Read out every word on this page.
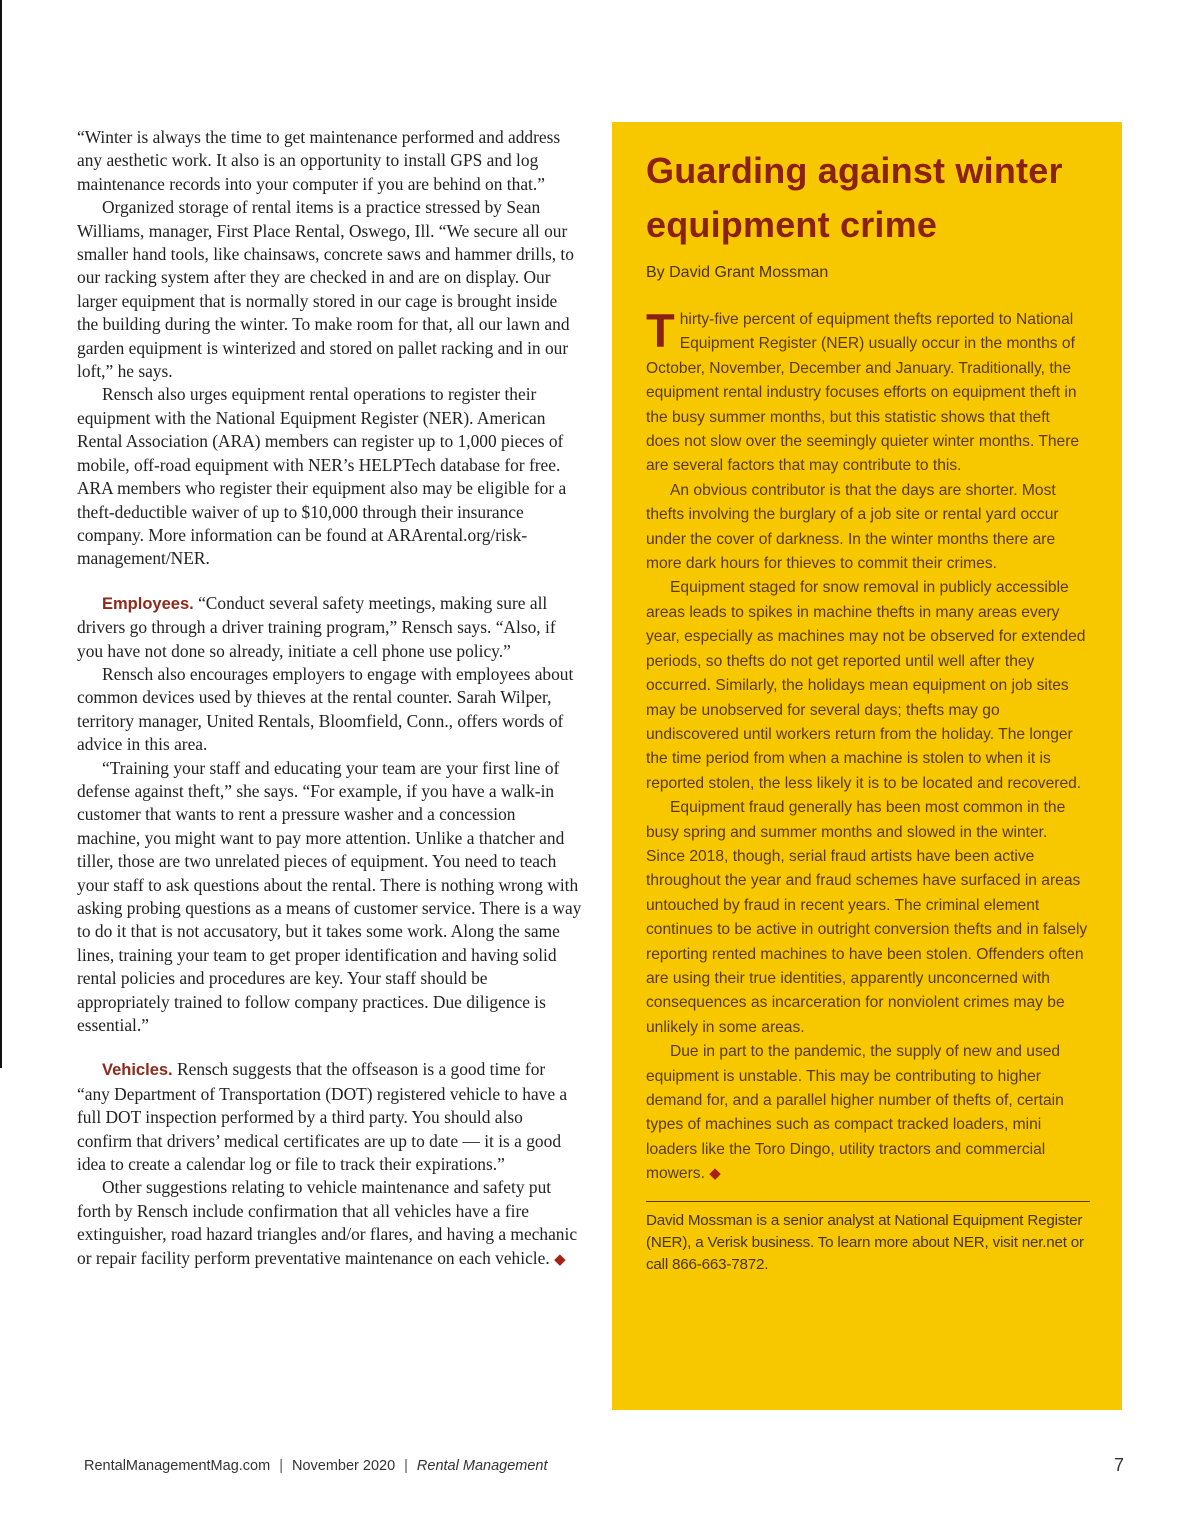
“Winter is always the time to get maintenance performed and address any aesthetic work. It also is an opportunity to install GPS and log maintenance records into your computer if you are behind on that.”

Organized storage of rental items is a practice stressed by Sean Williams, manager, First Place Rental, Oswego, Ill. “We secure all our smaller hand tools, like chainsaws, concrete saws and hammer drills, to our racking system after they are checked in and are on display. Our larger equipment that is normally stored in our cage is brought inside the building during the winter. To make room for that, all our lawn and garden equipment is winterized and stored on pallet racking and in our loft,” he says.

Rensch also urges equipment rental operations to register their equipment with the National Equipment Register (NER). American Rental Association (ARA) members can register up to 1,000 pieces of mobile, off-road equipment with NER’s HELPTech database for free. ARA members who register their equipment also may be eligible for a theft-deductible waiver of up to $10,000 through their insurance company. More information can be found at ARArental.org/risk-management/NER.

Employees. “Conduct several safety meetings, making sure all drivers go through a driver training program,” Rensch says. “Also, if you have not done so already, initiate a cell phone use policy.”

Rensch also encourages employers to engage with employees about common devices used by thieves at the rental counter. Sarah Wilper, territory manager, United Rentals, Bloomfield, Conn., offers words of advice in this area.

“Training your staff and educating your team are your first line of defense against theft,” she says. “For example, if you have a walk-in customer that wants to rent a pressure washer and a concession machine, you might want to pay more attention. Unlike a thatcher and tiller, those are two unrelated pieces of equipment. You need to teach your staff to ask questions about the rental. There is nothing wrong with asking probing questions as a means of customer service. There is a way to do it that is not accusatory, but it takes some work. Along the same lines, training your team to get proper identification and having solid rental policies and procedures are key. Your staff should be appropriately trained to follow company practices. Due diligence is essential.”

Vehicles. Rensch suggests that the offseason is a good time for “any Department of Transportation (DOT) registered vehicle to have a full DOT inspection performed by a third party. You should also confirm that drivers’ medical certificates are up to date — it is a good idea to create a calendar log or file to track their expirations.”

Other suggestions relating to vehicle maintenance and safety put forth by Rensch include confirmation that all vehicles have a fire extinguisher, road hazard triangles and/or flares, and having a mechanic or repair facility perform preventative maintenance on each vehicle. ◆

Guarding against winter equipment crime
By David Grant Mossman

Thirty-five percent of equipment thefts reported to National Equipment Register (NER) usually occur in the months of October, November, December and January. Traditionally, the equipment rental industry focuses efforts on equipment theft in the busy summer months, but this statistic shows that theft does not slow over the seemingly quieter winter months. There are several factors that may contribute to this.

An obvious contributor is that the days are shorter. Most thefts involving the burglary of a job site or rental yard occur under the cover of darkness. In the winter months there are more dark hours for thieves to commit their crimes.

Equipment staged for snow removal in publicly accessible areas leads to spikes in machine thefts in many areas every year, especially as machines may not be observed for extended periods, so thefts do not get reported until well after they occurred. Similarly, the holidays mean equipment on job sites may be unobserved for several days; thefts may go undiscovered until workers return from the holiday. The longer the time period from when a machine is stolen to when it is reported stolen, the less likely it is to be located and recovered.

Equipment fraud generally has been most common in the busy spring and summer months and slowed in the winter. Since 2018, though, serial fraud artists have been active throughout the year and fraud schemes have surfaced in areas untouched by fraud in recent years. The criminal element continues to be active in outright conversion thefts and in falsely reporting rented machines to have been stolen. Offenders often are using their true identities, apparently unconcerned with consequences as incarceration for nonviolent crimes may be unlikely in some areas.

Due in part to the pandemic, the supply of new and used equipment is unstable. This may be contributing to higher demand for, and a parallel higher number of thefts of, certain types of machines such as compact tracked loaders, mini loaders like the Toro Dingo, utility tractors and commercial mowers. ◆

David Mossman is a senior analyst at National Equipment Register (NER), a Verisk business. To learn more about NER, visit ner.net or call 866-663-7872.

RentalManagementMag.com | November 2020 | Rental Management	7
